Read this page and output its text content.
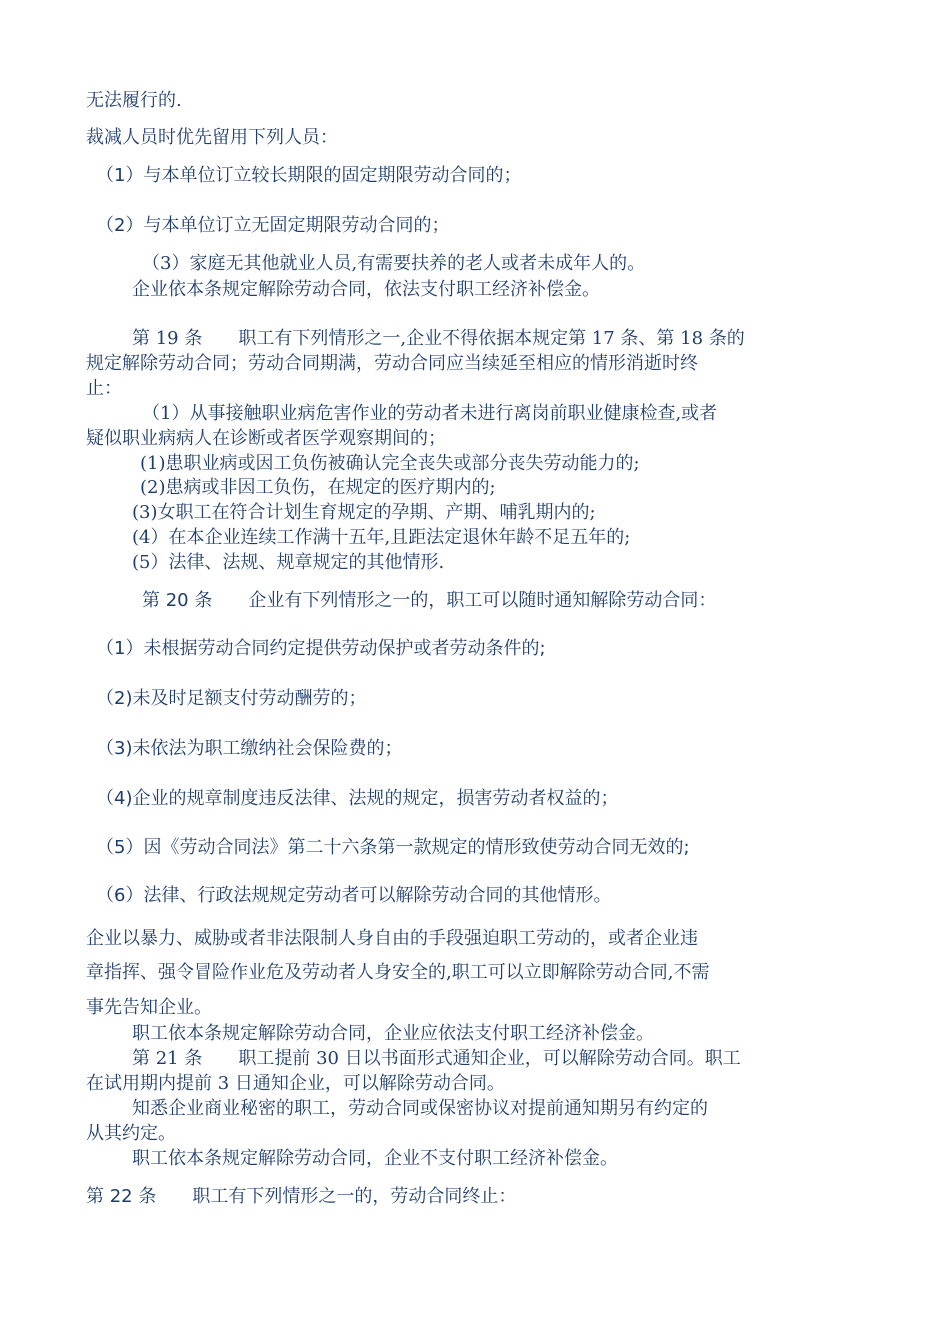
无法履行的.

裁减人员时优先留用下列人员：

（1）与本单位订立较长期限的固定期限劳动合同的；

（2）与本单位订立无固定期限劳动合同的；

（3）家庭无其他就业人员,有需要扶养的老人或者未成年人的。

企业依本条规定解除劳动合同，依法支付职工经济补偿金。

第 19 条　　职工有下列情形之一,企业不得依据本规定第 17 条、第 18 条的

规定解除劳动合同；劳动合同期满，劳动合同应当续延至相应的情形消逝时终

止：

（1）从事接触职业病危害作业的劳动者未进行离岗前职业健康检查,或者

疑似职业病病人在诊断或者医学观察期间的；

(1)患职业病或因工负伤被确认完全丧失或部分丧失劳动能力的;

(2)患病或非因工负伤，在规定的医疗期内的;

(3)女职工在符合计划生育规定的孕期、产期、哺乳期内的;

(4）在本企业连续工作满十五年,且距法定退休年龄不足五年的;

(5）法律、法规、规章规定的其他情形.

第 20 条　　企业有下列情形之一的，职工可以随时通知解除劳动合同：

（1）未根据劳动合同约定提供劳动保护或者劳动条件的;

（2)未及时足额支付劳动酬劳的；

（3)未依法为职工缴纳社会保险费的；

（4)企业的规章制度违反法律、法规的规定，损害劳动者权益的；

（5）因《劳动合同法》第二十六条第一款规定的情形致使劳动合同无效的;

（6）法律、行政法规规定劳动者可以解除劳动合同的其他情形。

企业以暴力、威胁或者非法限制人身自由的手段强迫职工劳动的，或者企业违

章指挥、强令冒险作业危及劳动者人身安全的,职工可以立即解除劳动合同,不需

事先告知企业。

职工依本条规定解除劳动合同，企业应依法支付职工经济补偿金。

第 21 条　　职工提前 30 日以书面形式通知企业，可以解除劳动合同。职工

在试用期内提前 3 日通知企业，可以解除劳动合同。

知悉企业商业秘密的职工，劳动合同或保密协议对提前通知期另有约定的

从其约定。

职工依本条规定解除劳动合同，企业不支付职工经济补偿金。

第 22 条　　职工有下列情形之一的，劳动合同终止：
